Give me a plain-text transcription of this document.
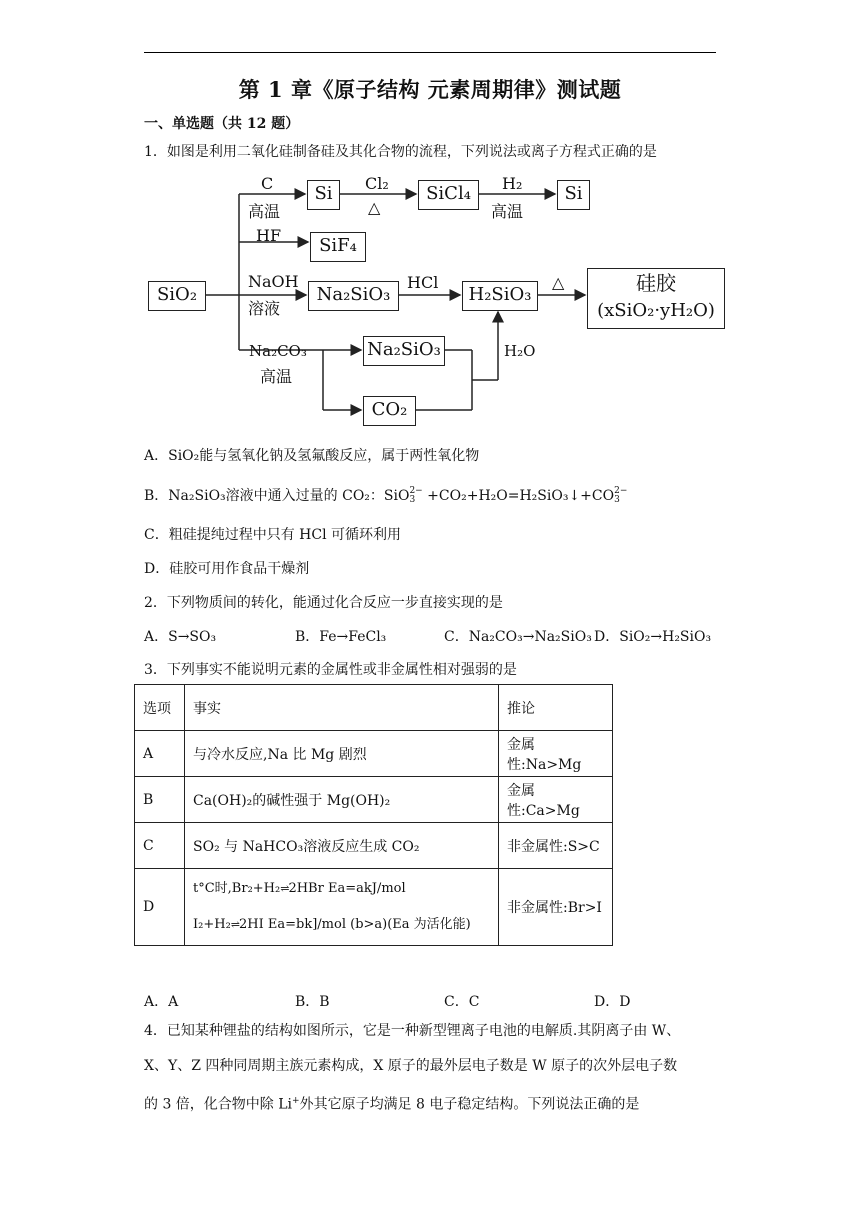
第 1 章《原子结构 元素周期律》测试题
一、单选题（共 12 题）
1．如图是利用二氧化硅制备硅及其化合物的流程，下列说法或离子方程式正确的是
SiO₂
Si	SiCl₄	Si
SiF₄
Na₂SiO₃	H₂SiO₃	硅胶
(xSiO₂·yH₂O)
Na₂SiO₃
CO₂
C
高温
Cl₂
△
H₂
高温
HF
NaOH
溶液
HCl	△
Na₂CO₃
高温
H₂O
A．SiO₂能与氢氧化钠及氢氟酸反应，属于两性氧化物
B．Na₂SiO₃溶液中通入过量的 CO₂：SiO 2−
3 +CO₂+H₂O=H₂SiO₃↓+CO 2−
3
C．粗硅提纯过程中只有 HCl 可循环利用
D．硅胶可用作食品干燥剂
2．下列物质间的转化，能通过化合反应一步直接实现的是
A．S→SO₃	B．Fe→FeCl₃	C．Na₂CO₃→Na₂SiO₃ D．SiO₂→H₂SiO₃
3．下列事实不能说明元素的金属性或非金属性相对强弱的是
选项	事实	推论
A	与冷水反应,Na 比 Mg 剧烈	金属性:Na>Mg
B	Ca(OH)₂的碱性强于 Mg(OH)₂	金属性:Ca>Mg
C	SO₂ 与 NaHCO₃溶液反应生成 CO₂	非金属性:S>C
D	t°C时,Br₂+H₂⇌2HBr Ea=akJ/mol
I₂+H₂⇌2HI Ea=bk]/mol (b>a)(Ea 为活化能)	非金属性:Br>I
A．A	B．B	C．C	D．D
4．已知某种锂盐的结构如图所示，它是一种新型锂离子电池的电解质.其阴离子由 W、
X、Y、Z 四种同周期主族元素构成，X 原子的最外层电子数是 W 原子的次外层电子数
的 3 倍，化合物中除 Li+外其它原子均满足 8 电子稳定结构。下列说法正确的是
